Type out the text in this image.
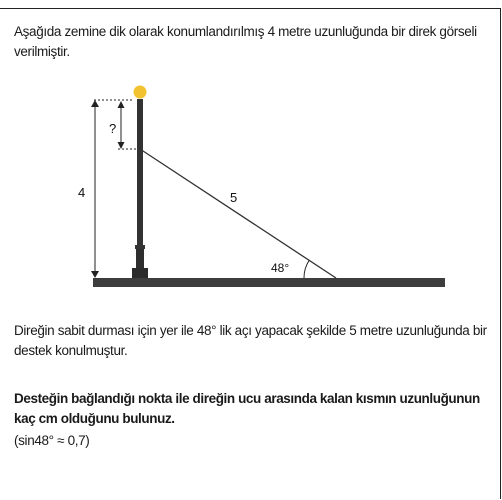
Aşağıda zemine dik olarak konumlandırılmış 4 metre uzunluğunda bir direk görseli verilmiştir.

?
4	5
48°

Direğin sabit durması için yer ile 48° lik açı yapacak şekilde 5 metre uzunluğunda bir destek konulmuştur.

Desteğin bağlandığı nokta ile direğin ucu arasında kalan kısmın uzunluğunun kaç cm olduğunu bulunuz.

(sin48° ≈ 0,7)
